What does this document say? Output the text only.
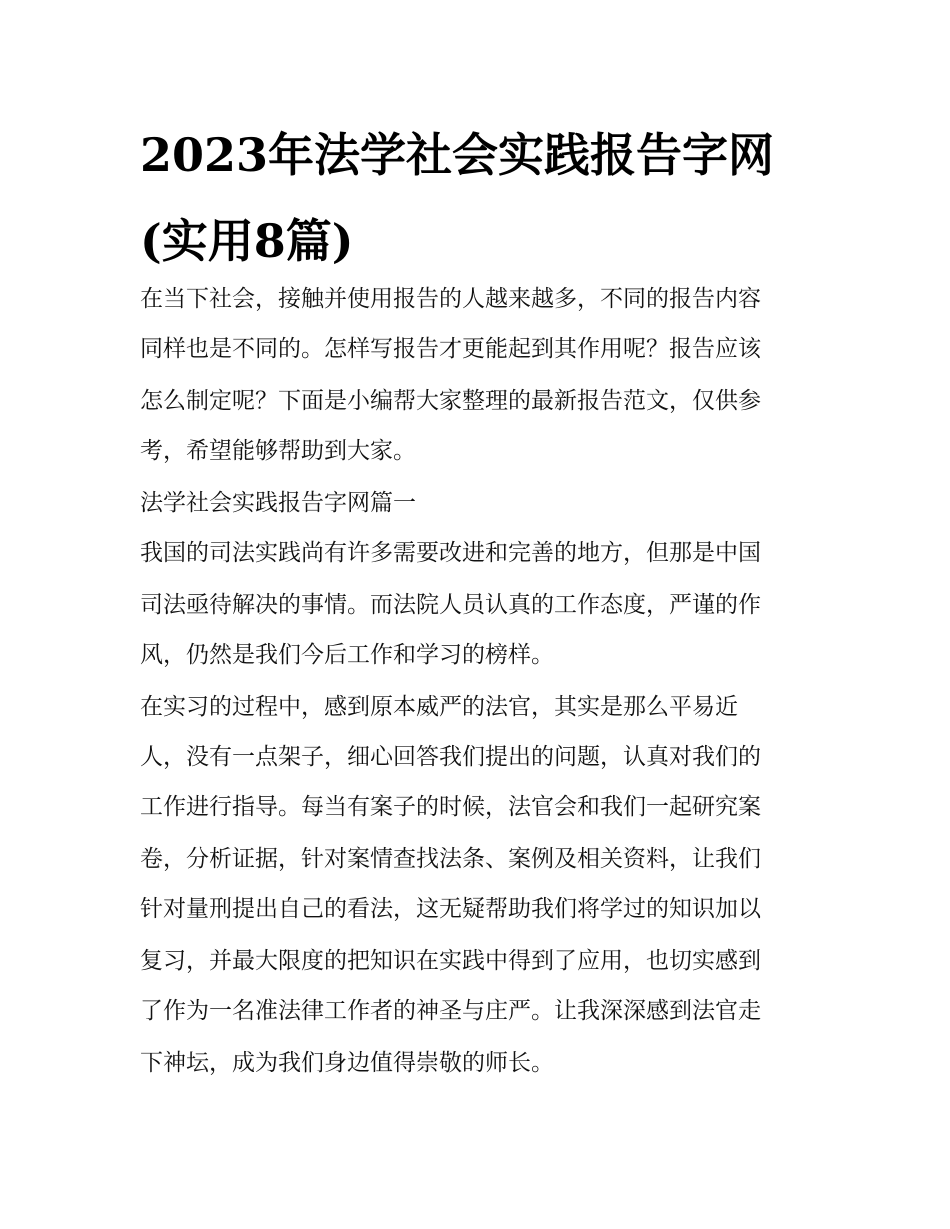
2023年法学社会实践报告字网
(实用8篇)

在当下社会，接触并使用报告的人越来越多，不同的报告内容

同样也是不同的。怎样写报告才更能起到其作用呢？报告应该

怎么制定呢？下面是小编帮大家整理的最新报告范文，仅供参

考，希望能够帮助到大家。

法学社会实践报告字网篇一

我国的司法实践尚有许多需要改进和完善的地方，但那是中国

司法亟待解决的事情。而法院人员认真的工作态度，严谨的作

风，仍然是我们今后工作和学习的榜样。

在实习的过程中，感到原本威严的法官，其实是那么平易近

人，没有一点架子，细心回答我们提出的问题，认真对我们的

工作进行指导。每当有案子的时候，法官会和我们一起研究案

卷，分析证据，针对案情查找法条、案例及相关资料，让我们

针对量刑提出自己的看法，这无疑帮助我们将学过的知识加以

复习，并最大限度的把知识在实践中得到了应用，也切实感到

了作为一名准法律工作者的神圣与庄严。让我深深感到法官走

下神坛，成为我们身边值得崇敬的师长。
